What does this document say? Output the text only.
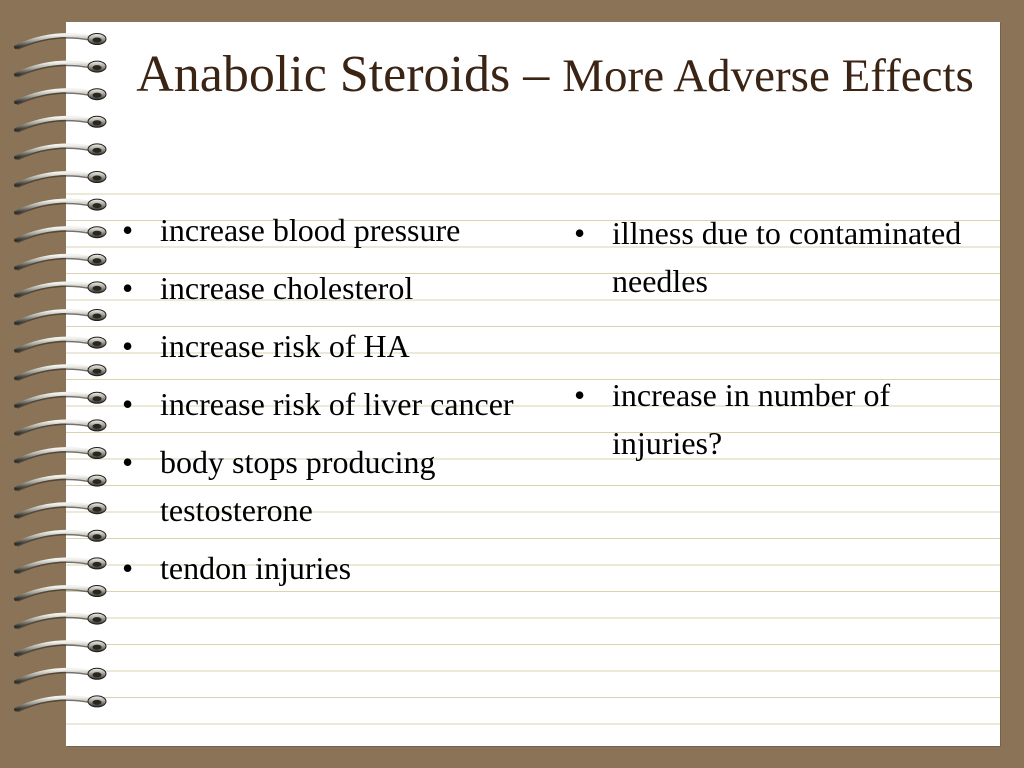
Anabolic Steroids – More Adverse Effects
• increase blood pressure
• increase cholesterol
• increase risk of HA
• increase risk of liver cancer
• body stops producing testosterone
• tendon injuries
• illness due to contaminated needles
• increase in number of injuries?
